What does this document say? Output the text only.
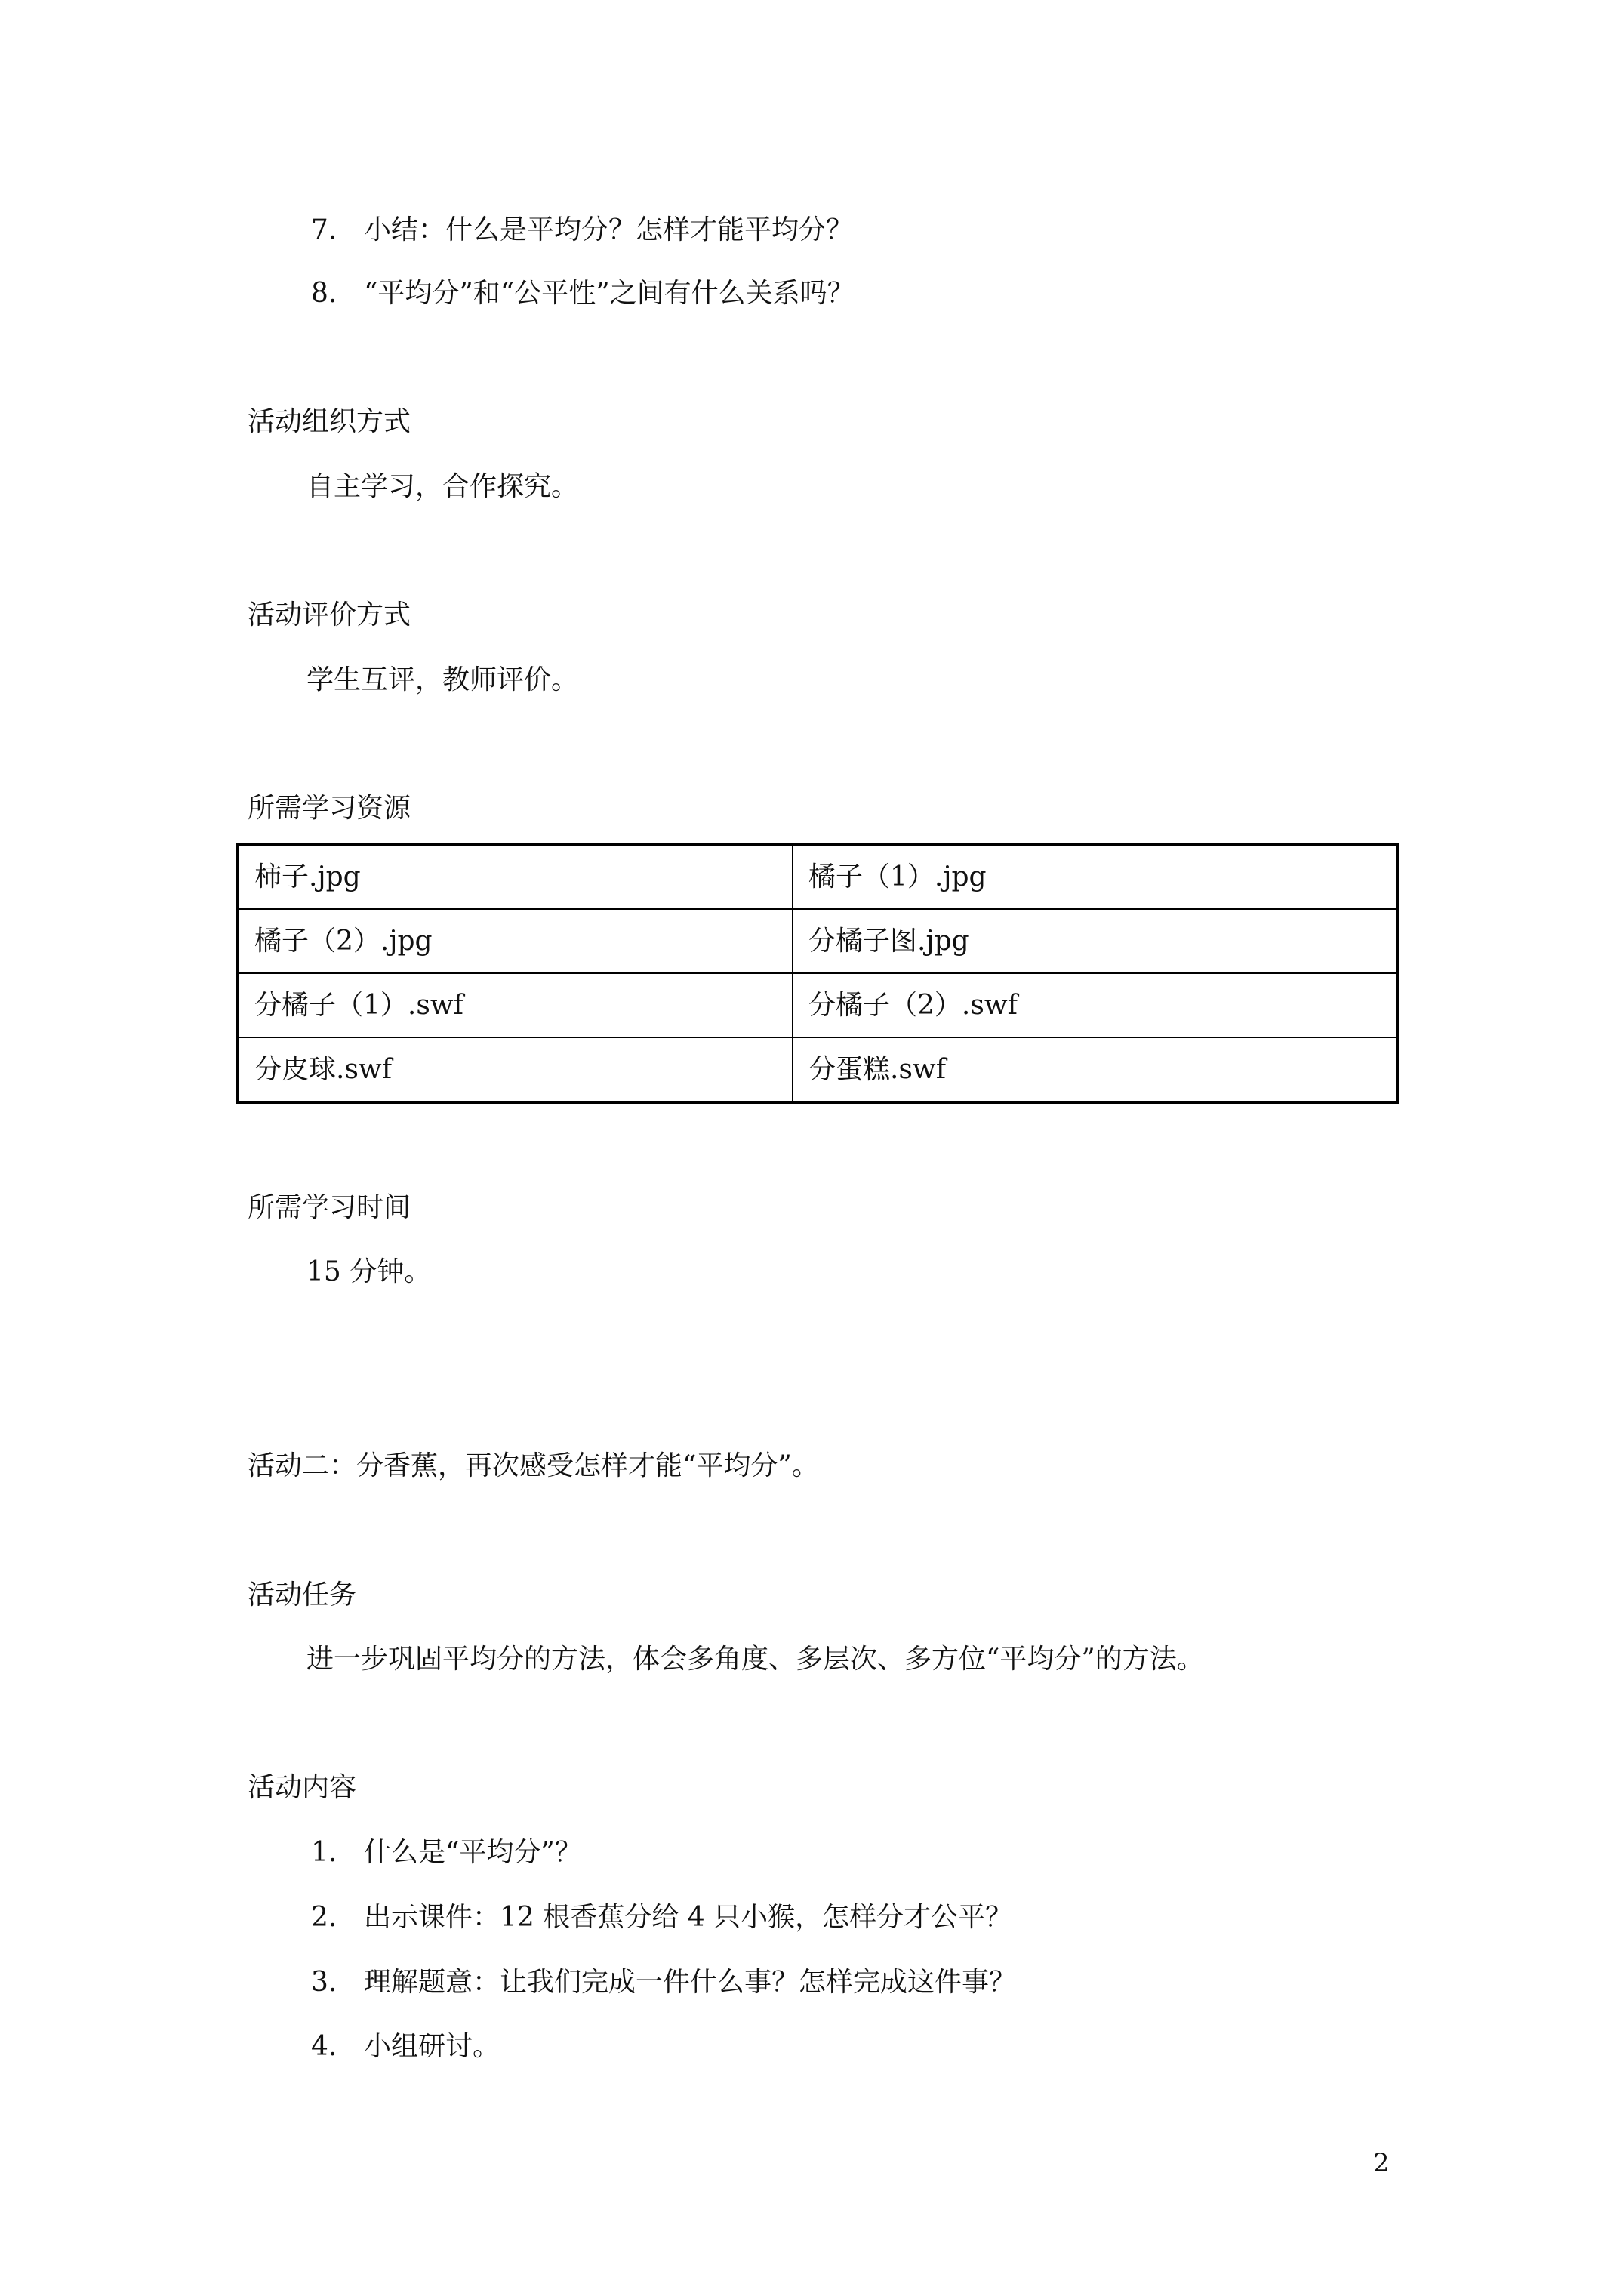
7. 小结：什么是平均分？怎样才能平均分？
8. “平均分”和“公平性”之间有什么关系吗？
活动组织方式
自主学习，合作探究。
活动评价方式
学生互评，教师评价。
所需学习资源
柿子.jpg	橘子（1）.jpg
橘子（2）.jpg	分橘子图.jpg
分橘子（1）.swf	分橘子（2）.swf
分皮球.swf	分蛋糕.swf
所需学习时间
15 分钟。
活动二：分香蕉，再次感受怎样才能“平均分”。
活动任务
进一步巩固平均分的方法，体会多角度、多层次、多方位“平均分”的方法。
活动内容
1. 什么是“平均分”？
2. 出示课件：12 根香蕉分给 4 只小猴，怎样分才公平？
3. 理解题意：让我们完成一件什么事？怎样完成这件事？
4. 小组研讨。
2
